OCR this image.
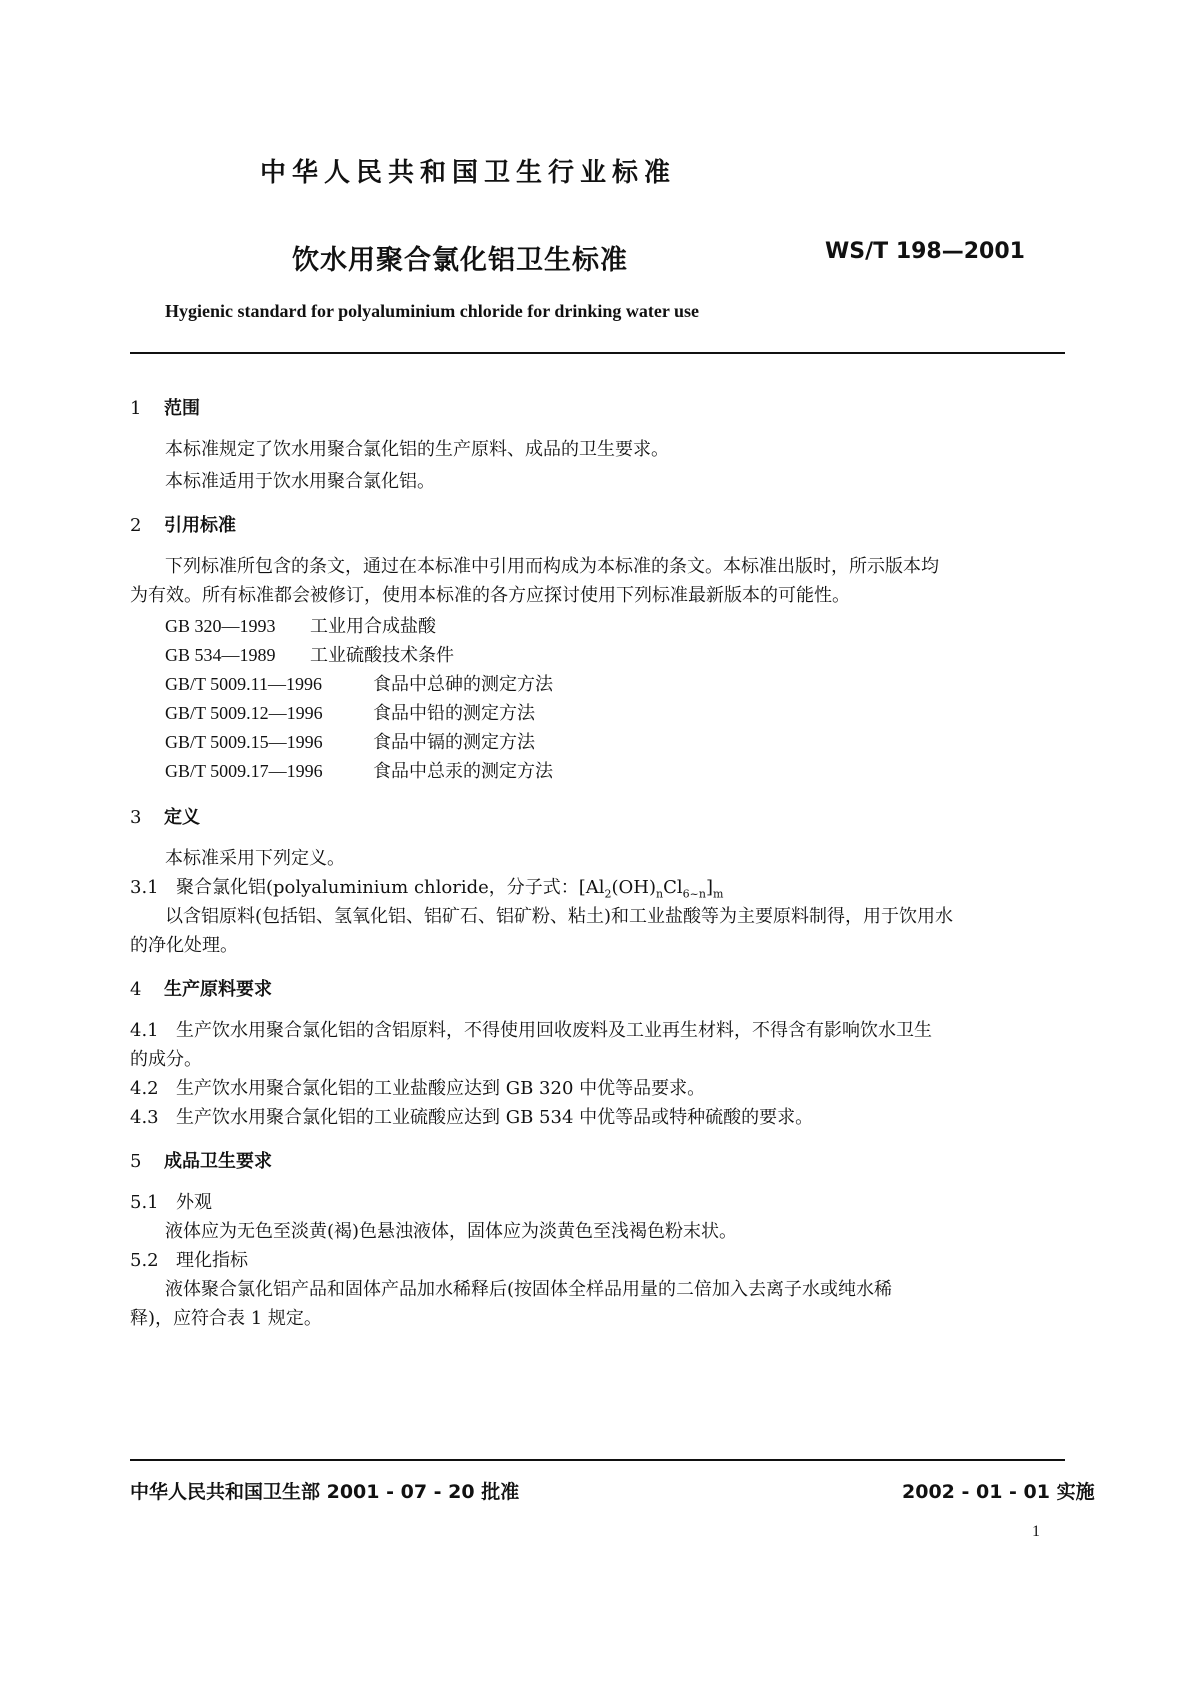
中华人民共和国卫生行业标准
饮水用聚合氯化铝卫生标准	WS/T 198—2001
Hygienic standard for polyaluminium chloride for drinking water use
1 范围
本标准规定了饮水用聚合氯化铝的生产原料、成品的卫生要求。
本标准适用于饮水用聚合氯化铝。
2 引用标准
下列标准所包含的条文，通过在本标准中引用而构成为本标准的条文。本标准出版时，所示版本均
为有效。所有标准都会被修订，使用本标准的各方应探讨使用下列标准最新版本的可能性。
GB 320—1993 工业用合成盐酸
GB 534—1989 工业硫酸技术条件
GB/T 5009.11—1996	食品中总砷的测定方法
GB/T 5009.12—1996	食品中铅的测定方法
GB/T 5009.15—1996	食品中镉的测定方法
GB/T 5009.17—1996	食品中总汞的测定方法
3 定义
本标准采用下列定义。
3.1 聚合氯化铝(polyaluminium chloride，分子式：$[Al_2(OH)_nCl_{6\sim n}]_m$
以含铝原料(包括铝、氢氧化铝、铝矿石、铝矿粉、粘土)和工业盐酸等为主要原料制得，用于饮用水
的净化处理。
4 生产原料要求
4.1 生产饮水用聚合氯化铝的含铝原料，不得使用回收废料及工业再生材料，不得含有影响饮水卫生
的成分。
4.2 生产饮水用聚合氯化铝的工业盐酸应达到 GB 320 中优等品要求。
4.3 生产饮水用聚合氯化铝的工业硫酸应达到 GB 534 中优等品或特种硫酸的要求。
5 成品卫生要求
5.1 外观
液体应为无色至淡黄(褐)色悬浊液体，固体应为淡黄色至浅褐色粉末状。
5.2 理化指标
液体聚合氯化铝产品和固体产品加水稀释后(按固体全样品用量的二倍加入去离子水或纯水稀
释)，应符合表 1 规定。
中华人民共和国卫生部 2001 - 07 - 20 批准	2002 - 01 - 01 实施
1
